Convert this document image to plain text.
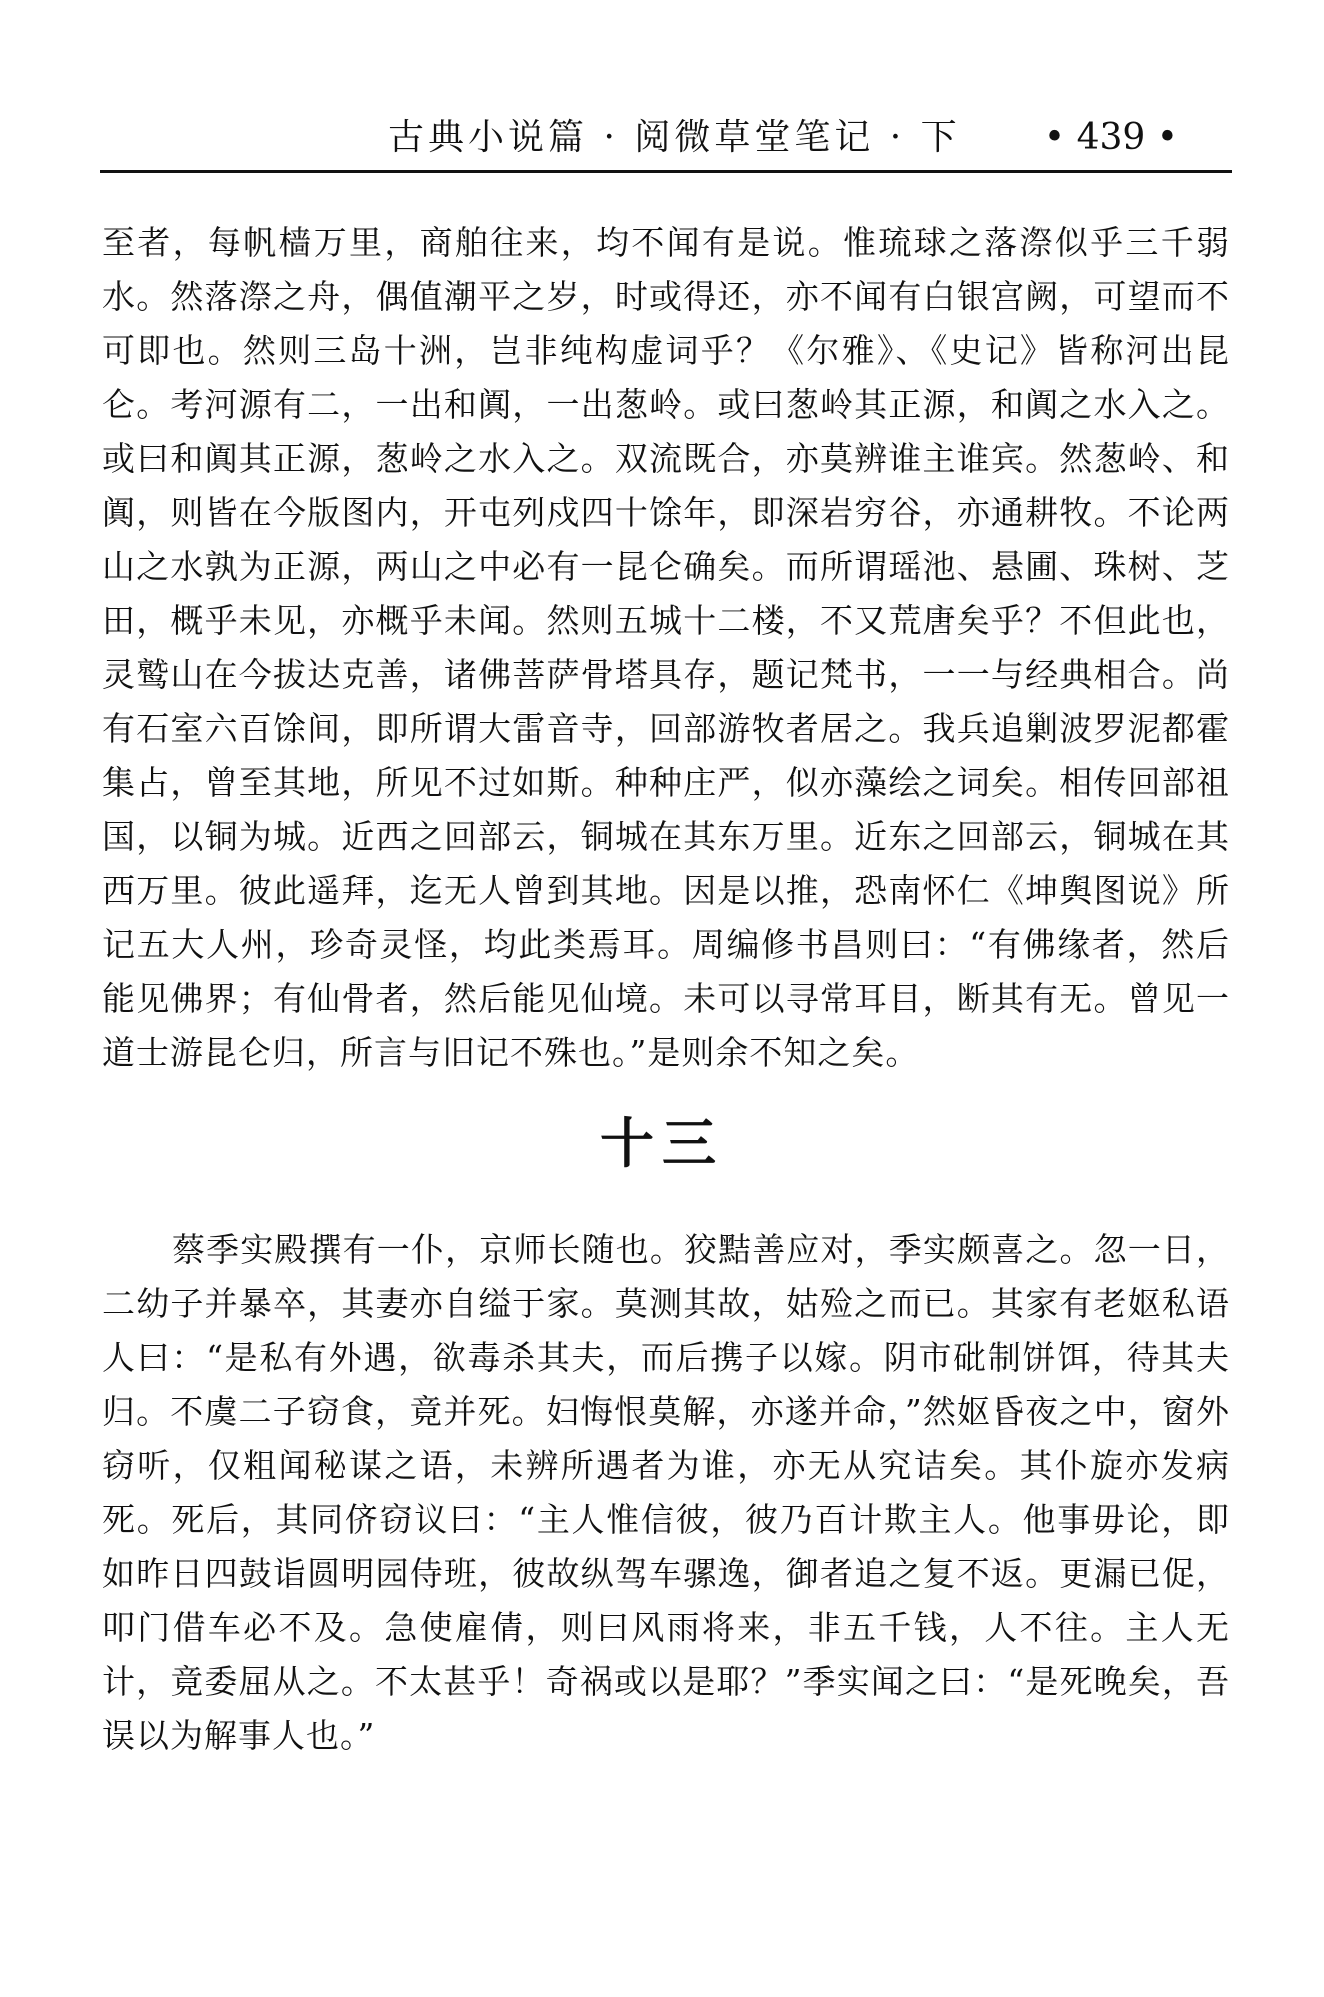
古典小说篇 · 阅微草堂笔记 · 下 • 439 •

至者，每帆樯万里，商舶往来，均不闻有是说。惟琉球之落漈似乎三千弱水。然落漈之舟，偶值潮平之岁，时或得还，亦不闻有白银宫阙，可望而不可即也。然则三岛十洲，岂非纯构虚词乎？《尔雅》、《史记》皆称河出昆仑。考河源有二，一出和阗，一出葱岭。或曰葱岭其正源，和阗之水入之。或曰和阗其正源，葱岭之水入之。双流既合，亦莫辨谁主谁宾。然葱岭、和阗，则皆在今版图内，开屯列戍四十馀年，即深岩穷谷，亦通耕牧。不论两山之水孰为正源，两山之中必有一昆仑确矣。而所谓瑶池、悬圃、珠树、芝田，概乎未见，亦概乎未闻。然则五城十二楼，不又荒唐矣乎？不但此也，灵鹫山在今拔达克善，诸佛菩萨骨塔具存，题记梵书，一一与经典相合。尚有石室六百馀间，即所谓大雷音寺，回部游牧者居之。我兵追剿波罗泥都霍集占，曾至其地，所见不过如斯。种种庄严，似亦藻绘之词矣。相传回部祖国，以铜为城。近西之回部云，铜城在其东万里。近东之回部云，铜城在其西万里。彼此遥拜，迄无人曾到其地。因是以推，恐南怀仁《坤舆图说》所记五大人州，珍奇灵怪，均此类焉耳。周编修书昌则曰：“有佛缘者，然后能见佛界；有仙骨者，然后能见仙境。未可以寻常耳目，断其有无。曾见一道士游昆仑归，所言与旧记不殊也。”是则余不知之矣。

十三

蔡季实殿撰有一仆，京师长随也。狡黠善应对，季实颇喜之。忽一日，二幼子并暴卒，其妻亦自缢于家。莫测其故，姑殓之而已。其家有老妪私语人曰：“是私有外遇，欲毒杀其夫，而后携子以嫁。阴市砒制饼饵，待其夫归。不虞二子窃食，竟并死。妇悔恨莫解，亦遂并命，”然妪昏夜之中，窗外窃听，仅粗闻秘谋之语，未辨所遇者为谁，亦无从究诘矣。其仆旋亦发病死。死后，其同侪窃议曰：“主人惟信彼，彼乃百计欺主人。他事毋论，即如昨日四鼓诣圆明园侍班，彼故纵驾车骡逸，御者追之复不返。更漏已促，叩门借车必不及。急使雇倩，则曰风雨将来，非五千钱，人不往。主人无计，竟委屈从之。不太甚乎！奇祸或以是耶？”季实闻之曰：“是死晚矣，吾误以为解事人也。”
